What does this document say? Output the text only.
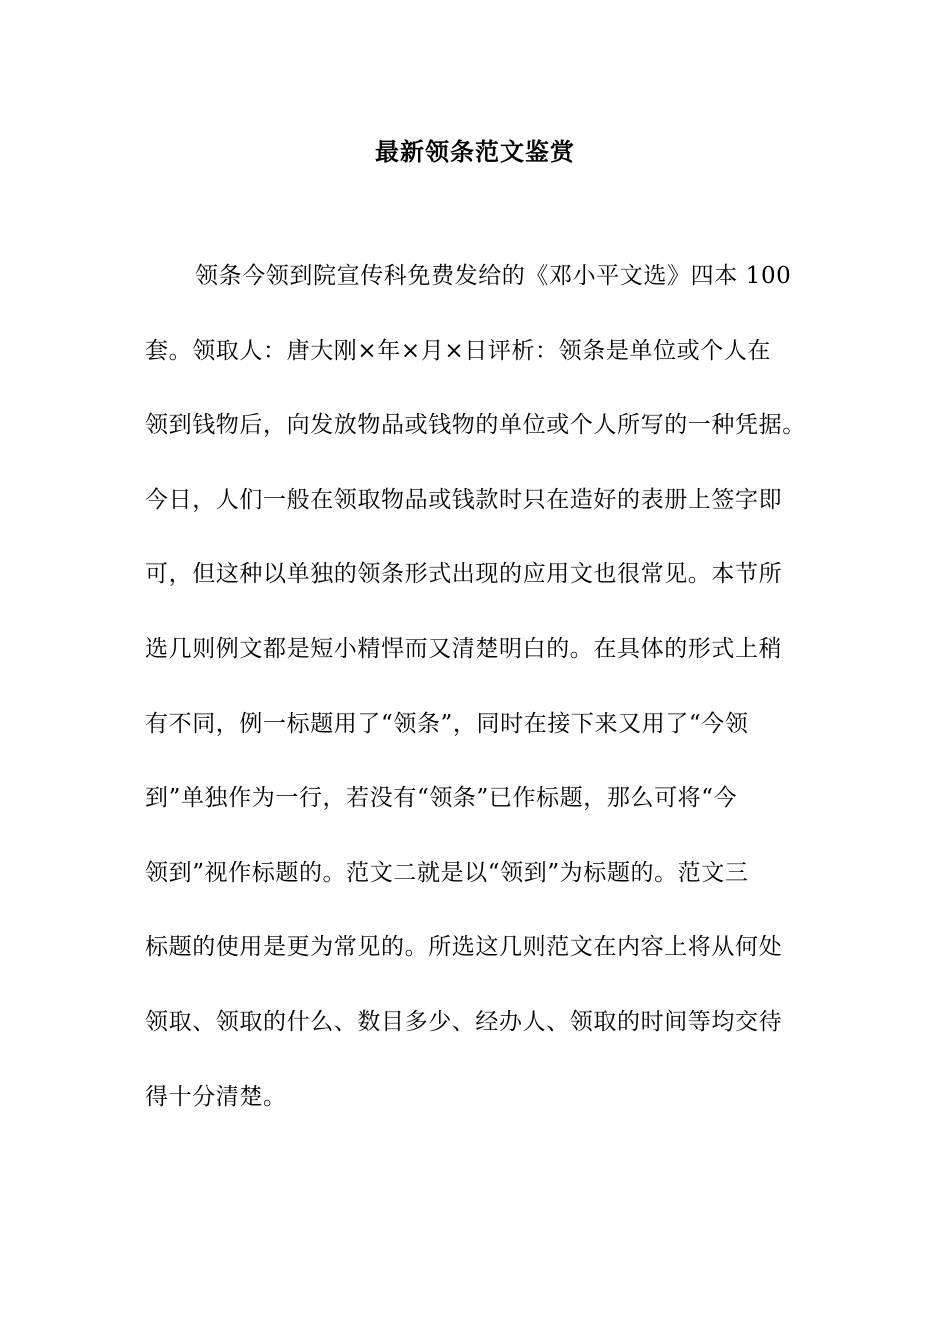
最新领条范文鉴赏
领条今领到院宣传科免费发给的《邓小平文选》四本 100
套。领取人：唐大刚×年×月×日评析：领条是单位或个人在
领到钱物后，向发放物品或钱物的单位或个人所写的一种凭据。
今日，人们一般在领取物品或钱款时只在造好的表册上签字即
可，但这种以单独的领条形式出现的应用文也很常见。本节所
选几则例文都是短小精悍而又清楚明白的。在具体的形式上稍
有不同，例一标题用了“领条”，同时在接下来又用了“今领
到”单独作为一行，若没有“领条”已作标题，那么可将“今
领到”视作标题的。范文二就是以“领到”为标题的。范文三
标题的使用是更为常见的。所选这几则范文在内容上将从何处
领取、领取的什么、数目多少、经办人、领取的时间等均交待
得十分清楚。
